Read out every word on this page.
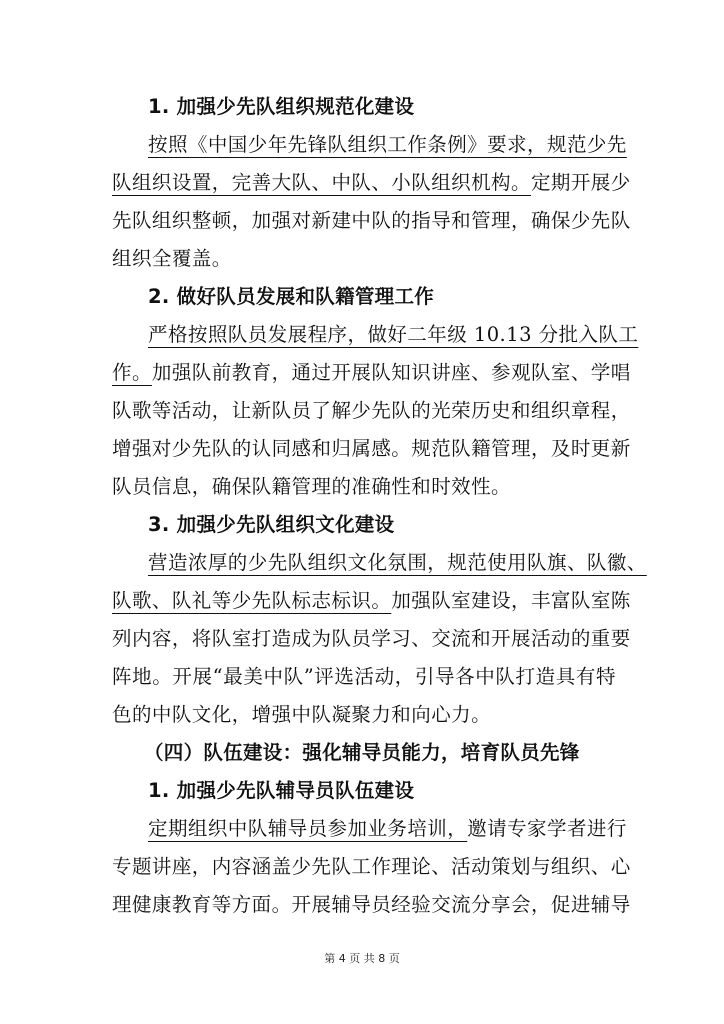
1. 加强少先队组织规范化建设
按照《中国少年先锋队组织工作条例》要求，规范少先
队组织设置，完善大队、中队、小队组织机构。定期开展少
先队组织整顿，加强对新建中队的指导和管理，确保少先队
组织全覆盖。
2. 做好队员发展和队籍管理工作
严格按照队员发展程序，做好二年级 10.13 分批入队工
作。加强队前教育，通过开展队知识讲座、参观队室、学唱
队歌等活动，让新队员了解少先队的光荣历史和组织章程，
增强对少先队的认同感和归属感。规范队籍管理，及时更新
队员信息，确保队籍管理的准确性和时效性。
3. 加强少先队组织文化建设
营造浓厚的少先队组织文化氛围，规范使用队旗、队徽、
队歌、队礼等少先队标志标识。加强队室建设，丰富队室陈
列内容，将队室打造成为队员学习、交流和开展活动的重要
阵地。开展“最美中队”评选活动，引导各中队打造具有特
色的中队文化，增强中队凝聚力和向心力。
（四）队伍建设：强化辅导员能力，培育队员先锋
1. 加强少先队辅导员队伍建设
定期组织中队辅导员参加业务培训，邀请专家学者进行
专题讲座，内容涵盖少先队工作理论、活动策划与组织、心
理健康教育等方面。开展辅导员经验交流分享会，促进辅导
第 4 页 共 8 页
